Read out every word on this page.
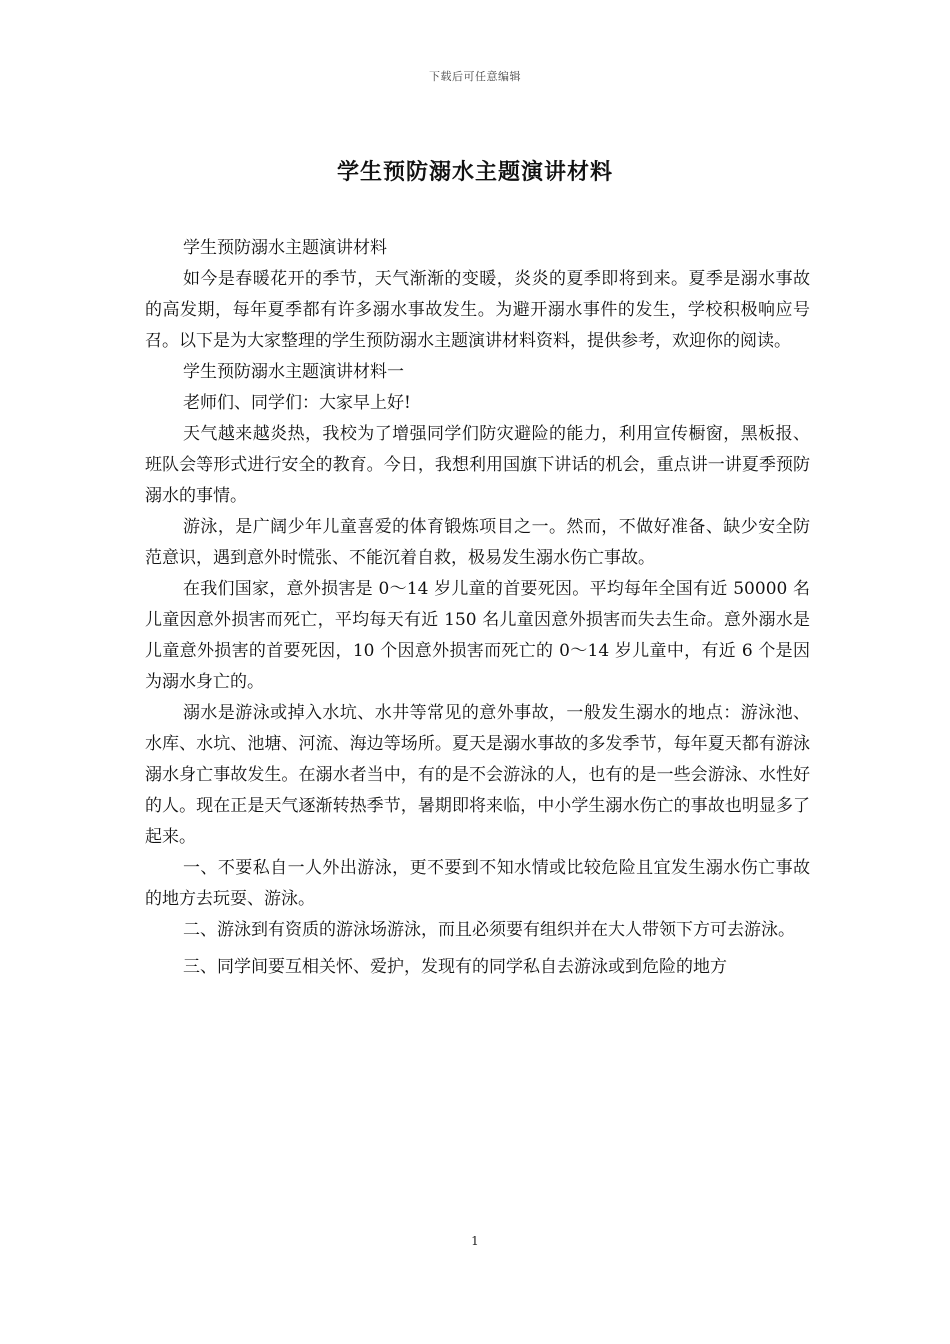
下载后可任意编辑
学生预防溺水主题演讲材料

学生预防溺水主题演讲材料

如今是春暖花开的季节，天气渐渐的变暖，炎炎的夏季即将到来。夏季是溺水事故的高发期，每年夏季都有许多溺水事故发生。为避开溺水事件的发生，学校积极响应号召。以下是为大家整理的学生预防溺水主题演讲材料资料，提供参考，欢迎你的阅读。

学生预防溺水主题演讲材料一

老师们、同学们：大家早上好!

天气越来越炎热，我校为了增强同学们防灾避险的能力，利用宣传橱窗，黑板报、班队会等形式进行安全的教育。今日，我想利用国旗下讲话的机会，重点讲一讲夏季预防溺水的事情。

游泳，是广阔少年儿童喜爱的体育锻炼项目之一。然而，不做好准备、缺少安全防范意识，遇到意外时慌张、不能沉着自救，极易发生溺水伤亡事故。

在我们国家，意外损害是 0～14 岁儿童的首要死因。平均每年全国有近 50000 名儿童因意外损害而死亡，平均每天有近 150 名儿童因意外损害而失去生命。意外溺水是儿童意外损害的首要死因，10 个因意外损害而死亡的 0～14 岁儿童中，有近 6 个是因为溺水身亡的。

溺水是游泳或掉入水坑、水井等常见的意外事故，一般发生溺水的地点：游泳池、水库、水坑、池塘、河流、海边等场所。夏天是溺水事故的多发季节，每年夏天都有游泳溺水身亡事故发生。在溺水者当中，有的是不会游泳的人，也有的是一些会游泳、水性好的人。现在正是天气逐渐转热季节，暑期即将来临，中小学生溺水伤亡的事故也明显多了起来。

一、不要私自一人外出游泳，更不要到不知水情或比较危险且宜发生溺水伤亡事故的地方去玩耍、游泳。

二、游泳到有资质的游泳场游泳，而且必须要有组织并在大人带领下方可去游泳。

三、同学间要互相关怀、爱护，发现有的同学私自去游泳或到危险的地方

1
